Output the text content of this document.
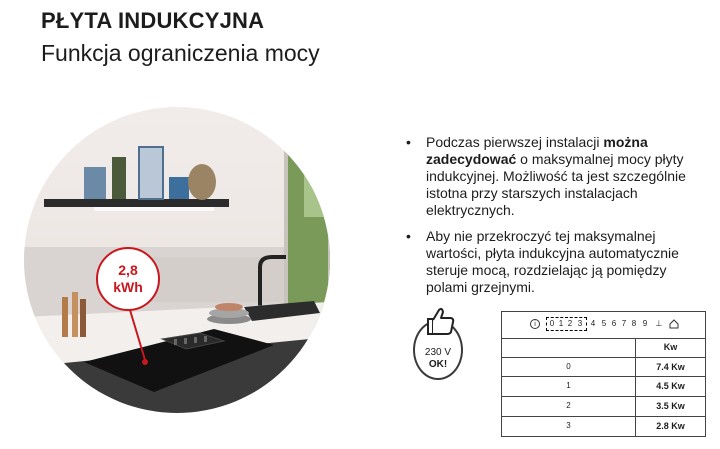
PŁYTA INDUKCYJNA
Funkcja ograniczenia mocy
2,8
kWh
• Podczas pierwszej instalacji można zadecydować o maksymalnej mocy płyty indukcyjnej. Możliwość ta jest szczególnie istotna przy starszych instalacjach elektrycznych.
• Aby nie przekroczyć tej maksymalnej wartości, płyta indukcyjna automatycznie steruje mocą, rozdzielając ją pomiędzy polami grzejnymi.
230 V
OK!
i	0 1 2 3 4 5 6 7 8 9 ⊥
Kw
0	7.4 Kw
1	4.5 Kw
2	3.5 Kw
3	2.8 Kw
